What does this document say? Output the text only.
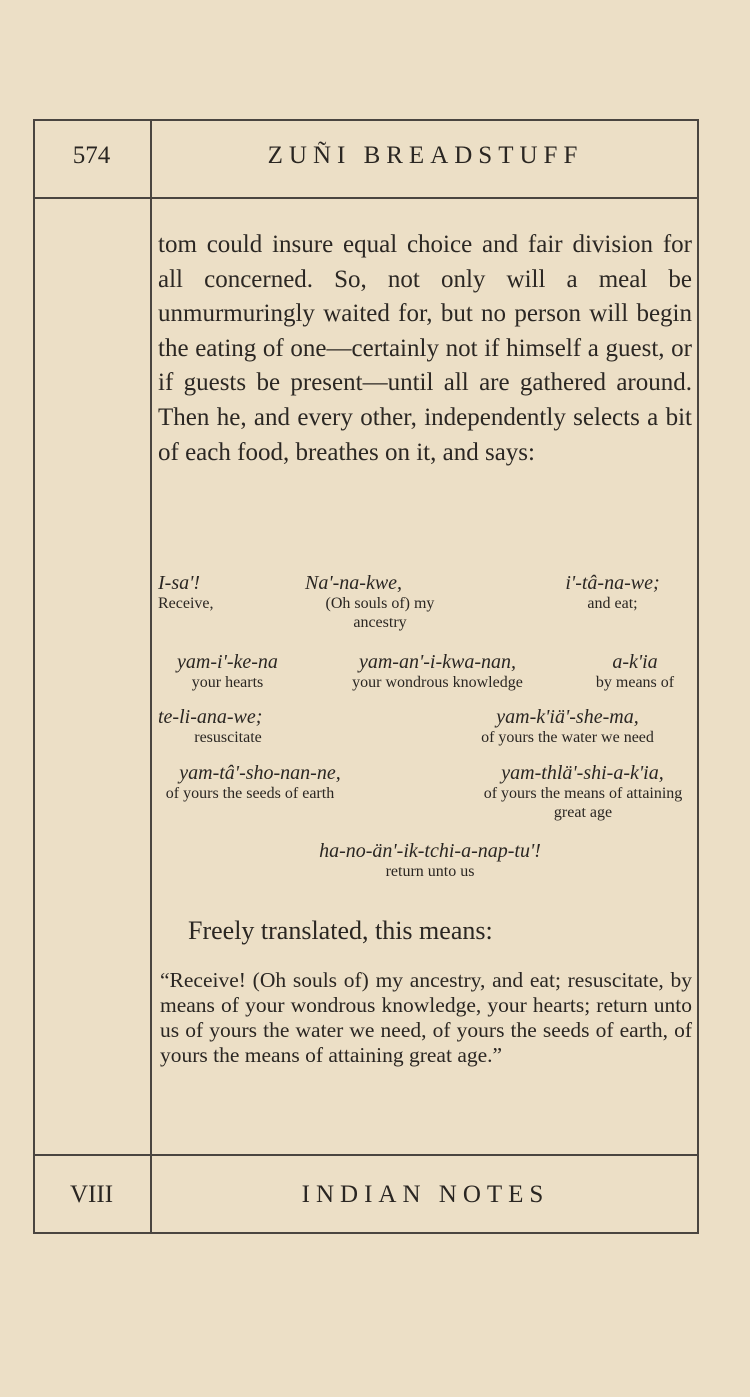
574	ZUÑI BREADSTUFF
tom could insure equal choice and fair division for all concerned. So, not only will a meal be unmurmuringly waited for, but no person will begin the eating of one—certainly not if himself a guest, or if guests be present—until all are gathered around. Then he, and every other, independently selects a bit of each food, breathes on it, and says:
I-sa'!
Receive,
Na'-na-kwe,
(Oh souls of) my ancestry
i'-tâ-na-we;
and eat;
yam-i'-ke-na
your hearts
yam-an'-i-kwa-nan,
your wondrous knowledge
a-k'ia
by means of
te-li-ana-we;
resuscitate
yam-k'iä'-she-ma,
of yours the water we need
yam-tâ'-sho-nan-ne,
of yours the seeds of earth
yam-thlä'-shi-a-k'ia,
of yours the means of attaining great age
ha-no-än'-ik-tchi-a-nap-tu'!
return unto us
Freely translated, this means:
“Receive! (Oh souls of) my ancestry, and eat; resuscitate, by means of your wondrous knowledge, your hearts; return unto us of yours the water we need, of yours the seeds of earth, of yours the means of attaining great age.”
VIII	INDIAN NOTES
